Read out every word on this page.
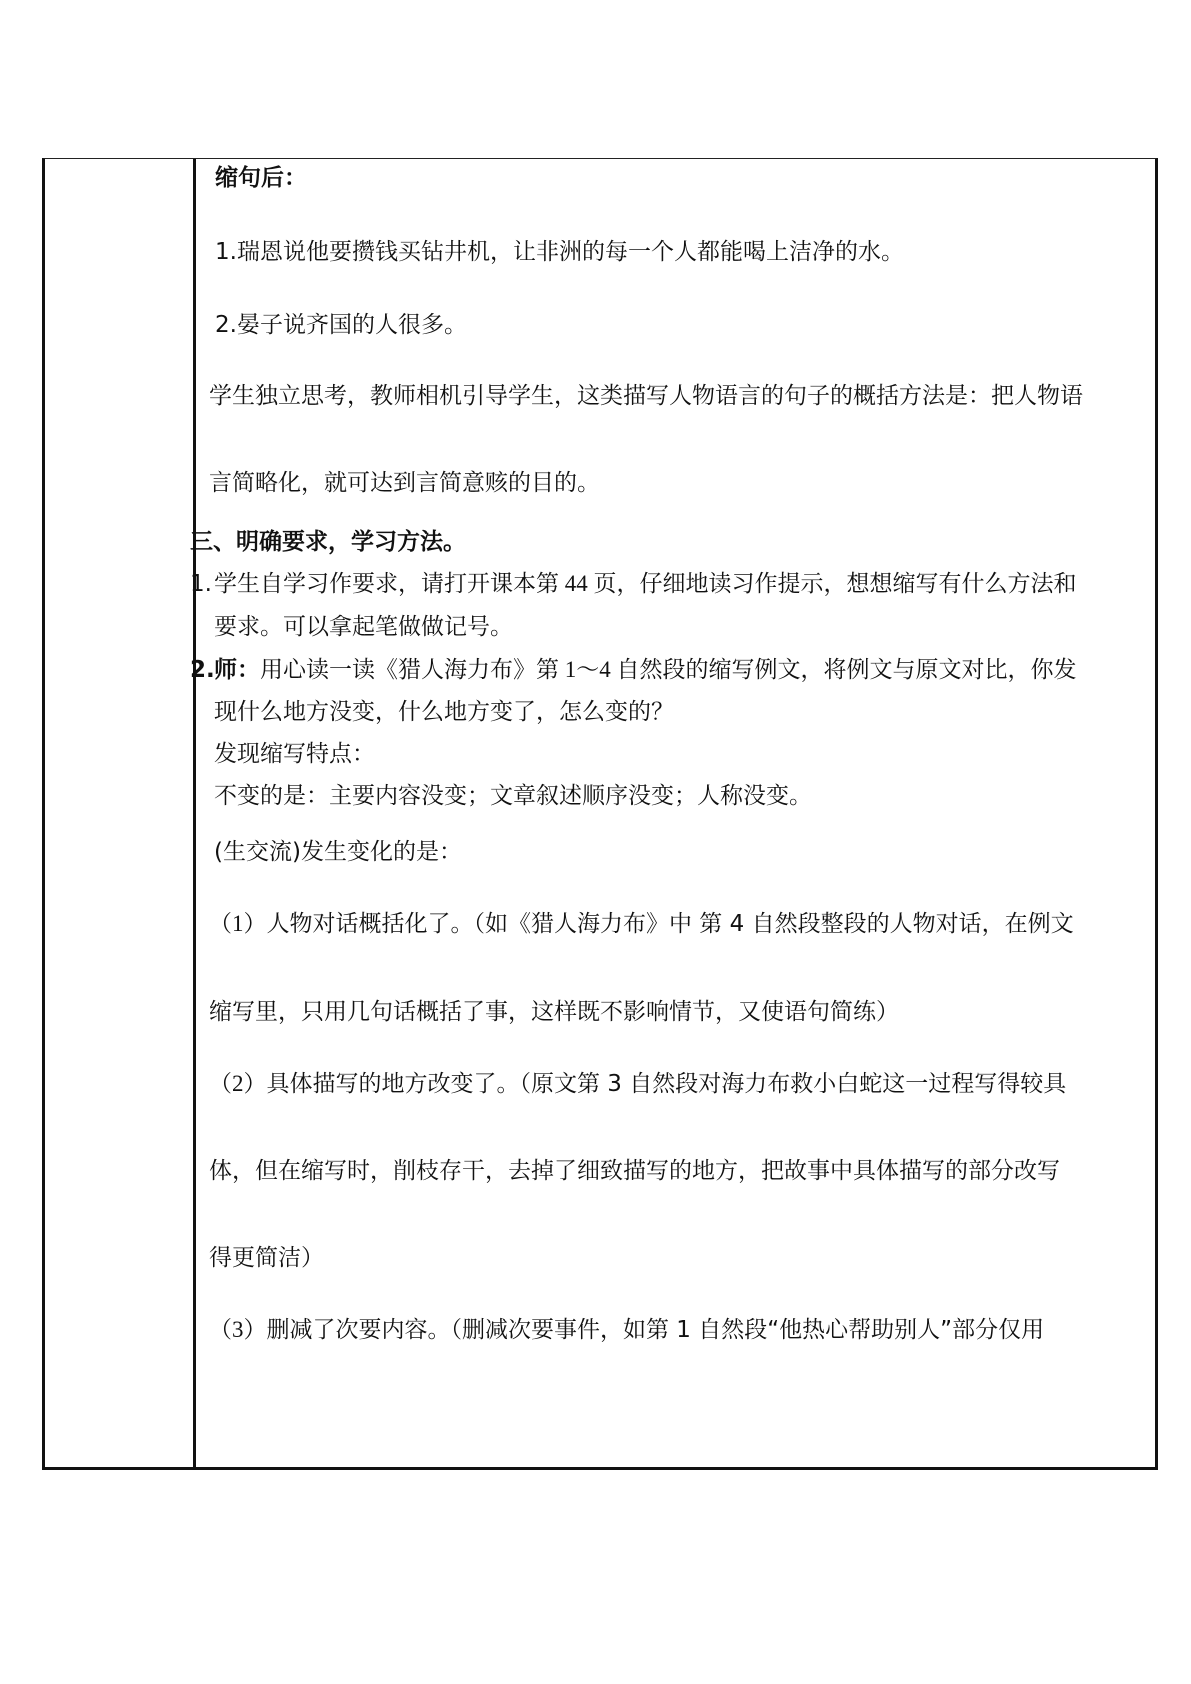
缩句后：
1.瑞恩说他要攒钱买钻井机，让非洲的每一个人都能喝上洁净的水。
2.晏子说齐国的人很多。
学生独立思考，教师相机引导学生，这类描写人物语言的句子的概括方法是：把人物语
言简略化，就可达到言简意赅的目的。
三、明确要求，学习方法。
1. 学生自学习作要求，请打开课本第 44 页，仔细地读习作提示，想想缩写有什么方法和
要求。可以拿起笔做做记号。
2. 师： 用心读一读《猎人海力布》第 1～4 自然段的缩写例文，将例文与原文对比，你发
现什么地方没变，什么地方变了，怎么变的？
发现缩写特点：
不变的是：主要内容没变；文章叙述顺序没变；人称没变。
(生交流)发生变化的是：
（1）人物对话概括化了。（如《猎人海力布》中 第 4 自然段整段的人物对话，在例文
缩写里，只用几句话概括了事，这样既不影响情节，又使语句简练）
（2）具体描写的地方改变了。（原文第 3 自然段对海力布救小白蛇这一过程写得较具
体，但在缩写时，削枝存干，去掉了细致描写的地方，把故事中具体描写的部分改写
得更简洁）
（3）删减了次要内容。（删减次要事件，如第 1 自然段“他热心帮助别人”部分仅用
